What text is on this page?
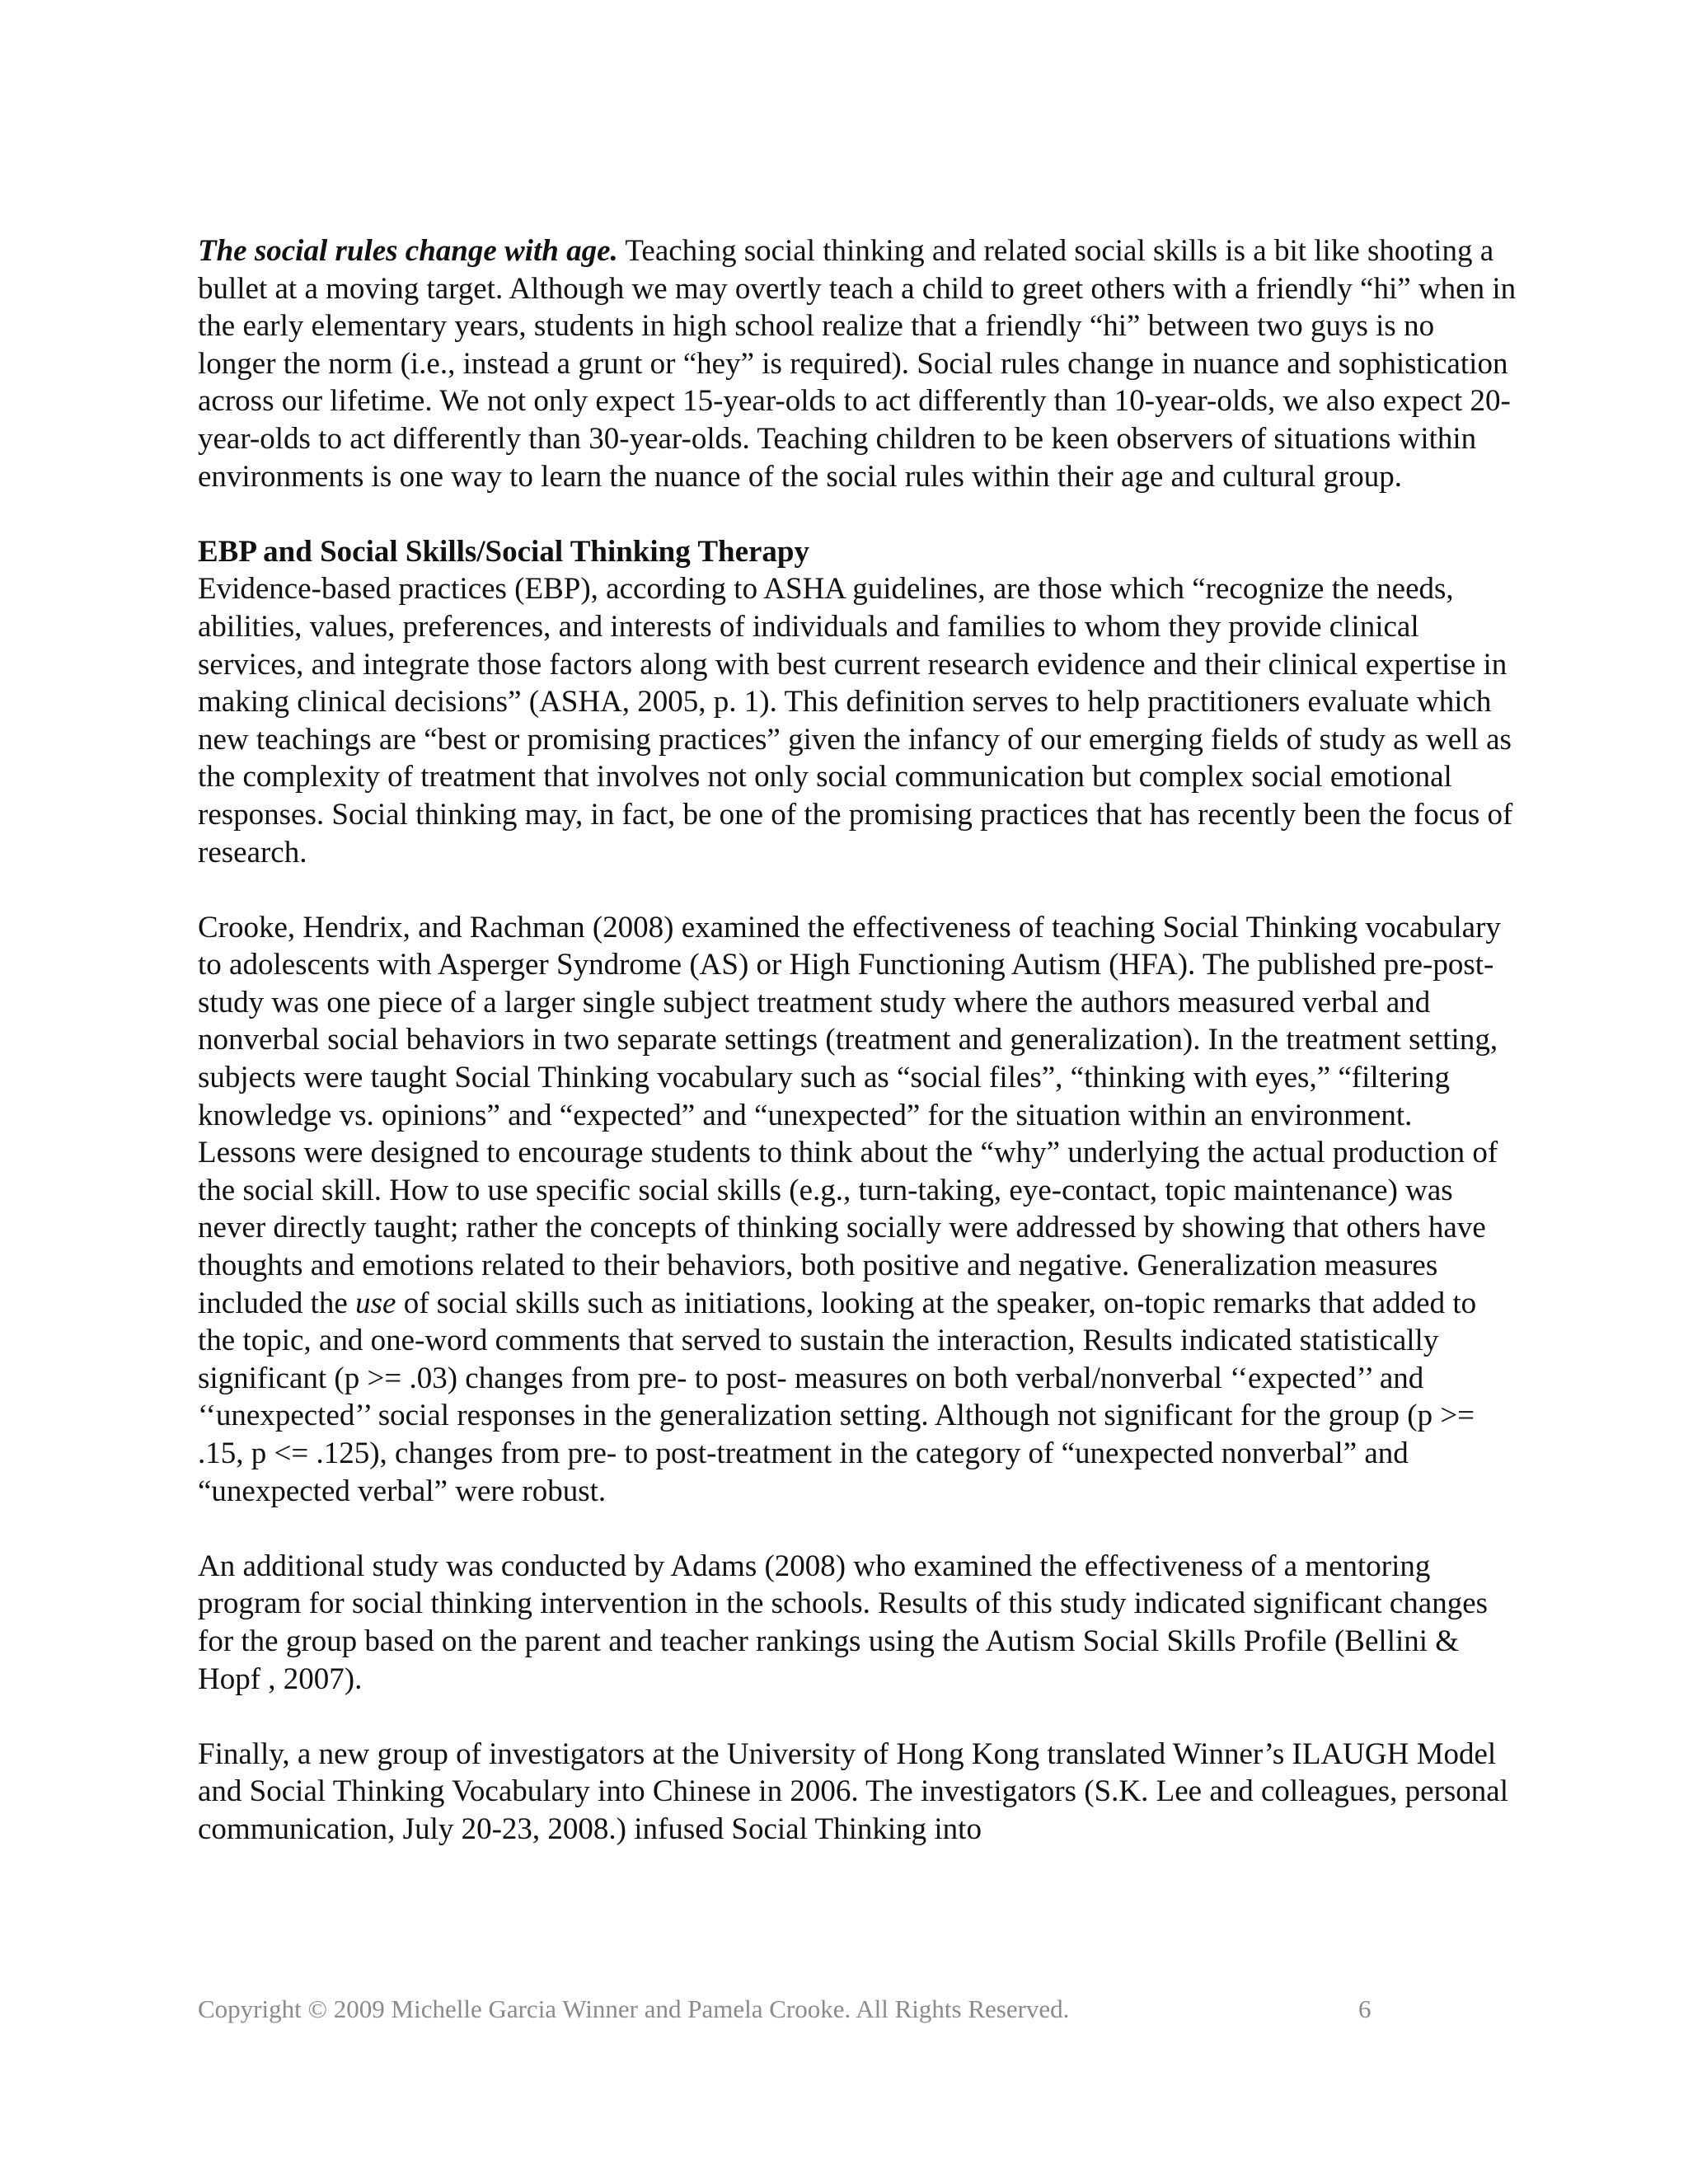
The social rules change with age. Teaching social thinking and related social skills is a bit like shooting a bullet at a moving target. Although we may overtly teach a child to greet others with a friendly “hi” when in the early elementary years, students in high school realize that a friendly “hi” between two guys is no longer the norm (i.e., instead a grunt or “hey” is required). Social rules change in nuance and sophistication across our lifetime. We not only expect 15-year-olds to act differently than 10-year-olds, we also expect 20-year-olds to act differently than 30-year-olds. Teaching children to be keen observers of situations within environments is one way to learn the nuance of the social rules within their age and cultural group.

EBP and Social Skills/Social Thinking Therapy

Evidence-based practices (EBP), according to ASHA guidelines, are those which “recognize the needs, abilities, values, preferences, and interests of individuals and families to whom they provide clinical services, and integrate those factors along with best current research evidence and their clinical expertise in making clinical decisions” (ASHA, 2005, p. 1). This definition serves to help practitioners evaluate which new teachings are “best or promising practices” given the infancy of our emerging fields of study as well as the complexity of treatment that involves not only social communication but complex social emotional responses. Social thinking may, in fact, be one of the promising practices that has recently been the focus of research.

Crooke, Hendrix, and Rachman (2008) examined the effectiveness of teaching Social Thinking vocabulary to adolescents with Asperger Syndrome (AS) or High Functioning Autism (HFA). The published pre-post-study was one piece of a larger single subject treatment study where the authors measured verbal and nonverbal social behaviors in two separate settings (treatment and generalization). In the treatment setting, subjects were taught Social Thinking vocabulary such as “social files”, “thinking with eyes,” “filtering knowledge vs. opinions” and “expected” and “unexpected” for the situation within an environment. Lessons were designed to encourage students to think about the “why” underlying the actual production of the social skill. How to use specific social skills (e.g., turn-taking, eye-contact, topic maintenance) was never directly taught; rather the concepts of thinking socially were addressed by showing that others have thoughts and emotions related to their behaviors, both positive and negative. Generalization measures included the use of social skills such as initiations, looking at the speaker, on-topic remarks that added to the topic, and one-word comments that served to sustain the interaction, Results indicated statistically significant (p >= .03) changes from pre- to post- measures on both verbal/nonverbal ‘‘expected’’ and ‘‘unexpected’’ social responses in the generalization setting. Although not significant for the group (p >= .15, p <= .125), changes from pre- to post-treatment in the category of “unexpected nonverbal” and “unexpected verbal” were robust.

An additional study was conducted by Adams (2008) who examined the effectiveness of a mentoring program for social thinking intervention in the schools. Results of this study indicated significant changes for the group based on the parent and teacher rankings using the Autism Social Skills Profile (Bellini & Hopf , 2007).

Finally, a new group of investigators at the University of Hong Kong translated Winner’s ILAUGH Model and Social Thinking Vocabulary into Chinese in 2006. The investigators (S.K. Lee and colleagues, personal communication, July 20-23, 2008.) infused Social Thinking into

Copyright © 2009 Michelle Garcia Winner and Pamela Crooke. All Rights Reserved.	6
